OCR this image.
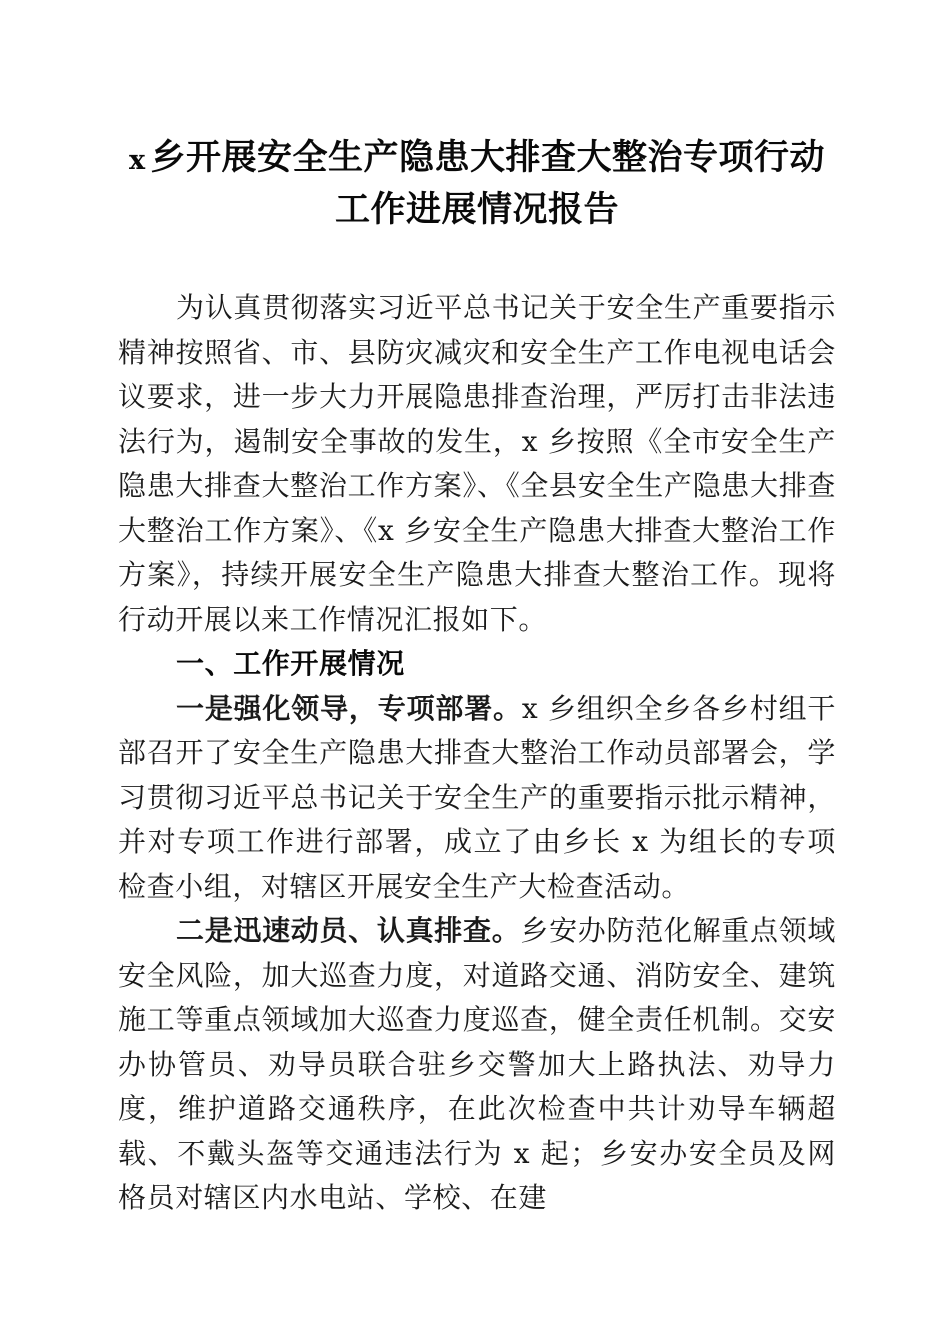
x 乡开展安全生产隐患大排查大整治专项行动
工作进展情况报告

为认真贯彻落实习近平总书记关于安全生产重要指示精神按照省、市、县防灾减灾和安全生产工作电视电话会议要求，进一步大力开展隐患排查治理，严厉打击非法违法行为，遏制安全事故的发生，x 乡按照《全市安全生产隐患大排查大整治工作方案》、《全县安全生产隐患大排查大整治工作方案》、《x 乡安全生产隐患大排查大整治工作方案》，持续开展安全生产隐患大排查大整治工作。现将行动开展以来工作情况汇报如下。

一、工作开展情况

一是强化领导，专项部署。x 乡组织全乡各乡村组干部召开了安全生产隐患大排查大整治工作动员部署会，学习贯彻习近平总书记关于安全生产的重要指示批示精神，并对专项工作进行部署，成立了由乡长 x 为组长的专项检查小组，对辖区开展安全生产大检查活动。

二是迅速动员、认真排查。乡安办防范化解重点领域安全风险，加大巡查力度，对道路交通、消防安全、建筑施工等重点领域加大巡查力度巡查，健全责任机制。交安办协管员、劝导员联合驻乡交警加大上路执法、劝导力度，维护道路交通秩序，在此次检查中共计劝导车辆超载、不戴头盔等交通违法行为 x 起；乡安办安全员及网格员对辖区内水电站、学校、在建
